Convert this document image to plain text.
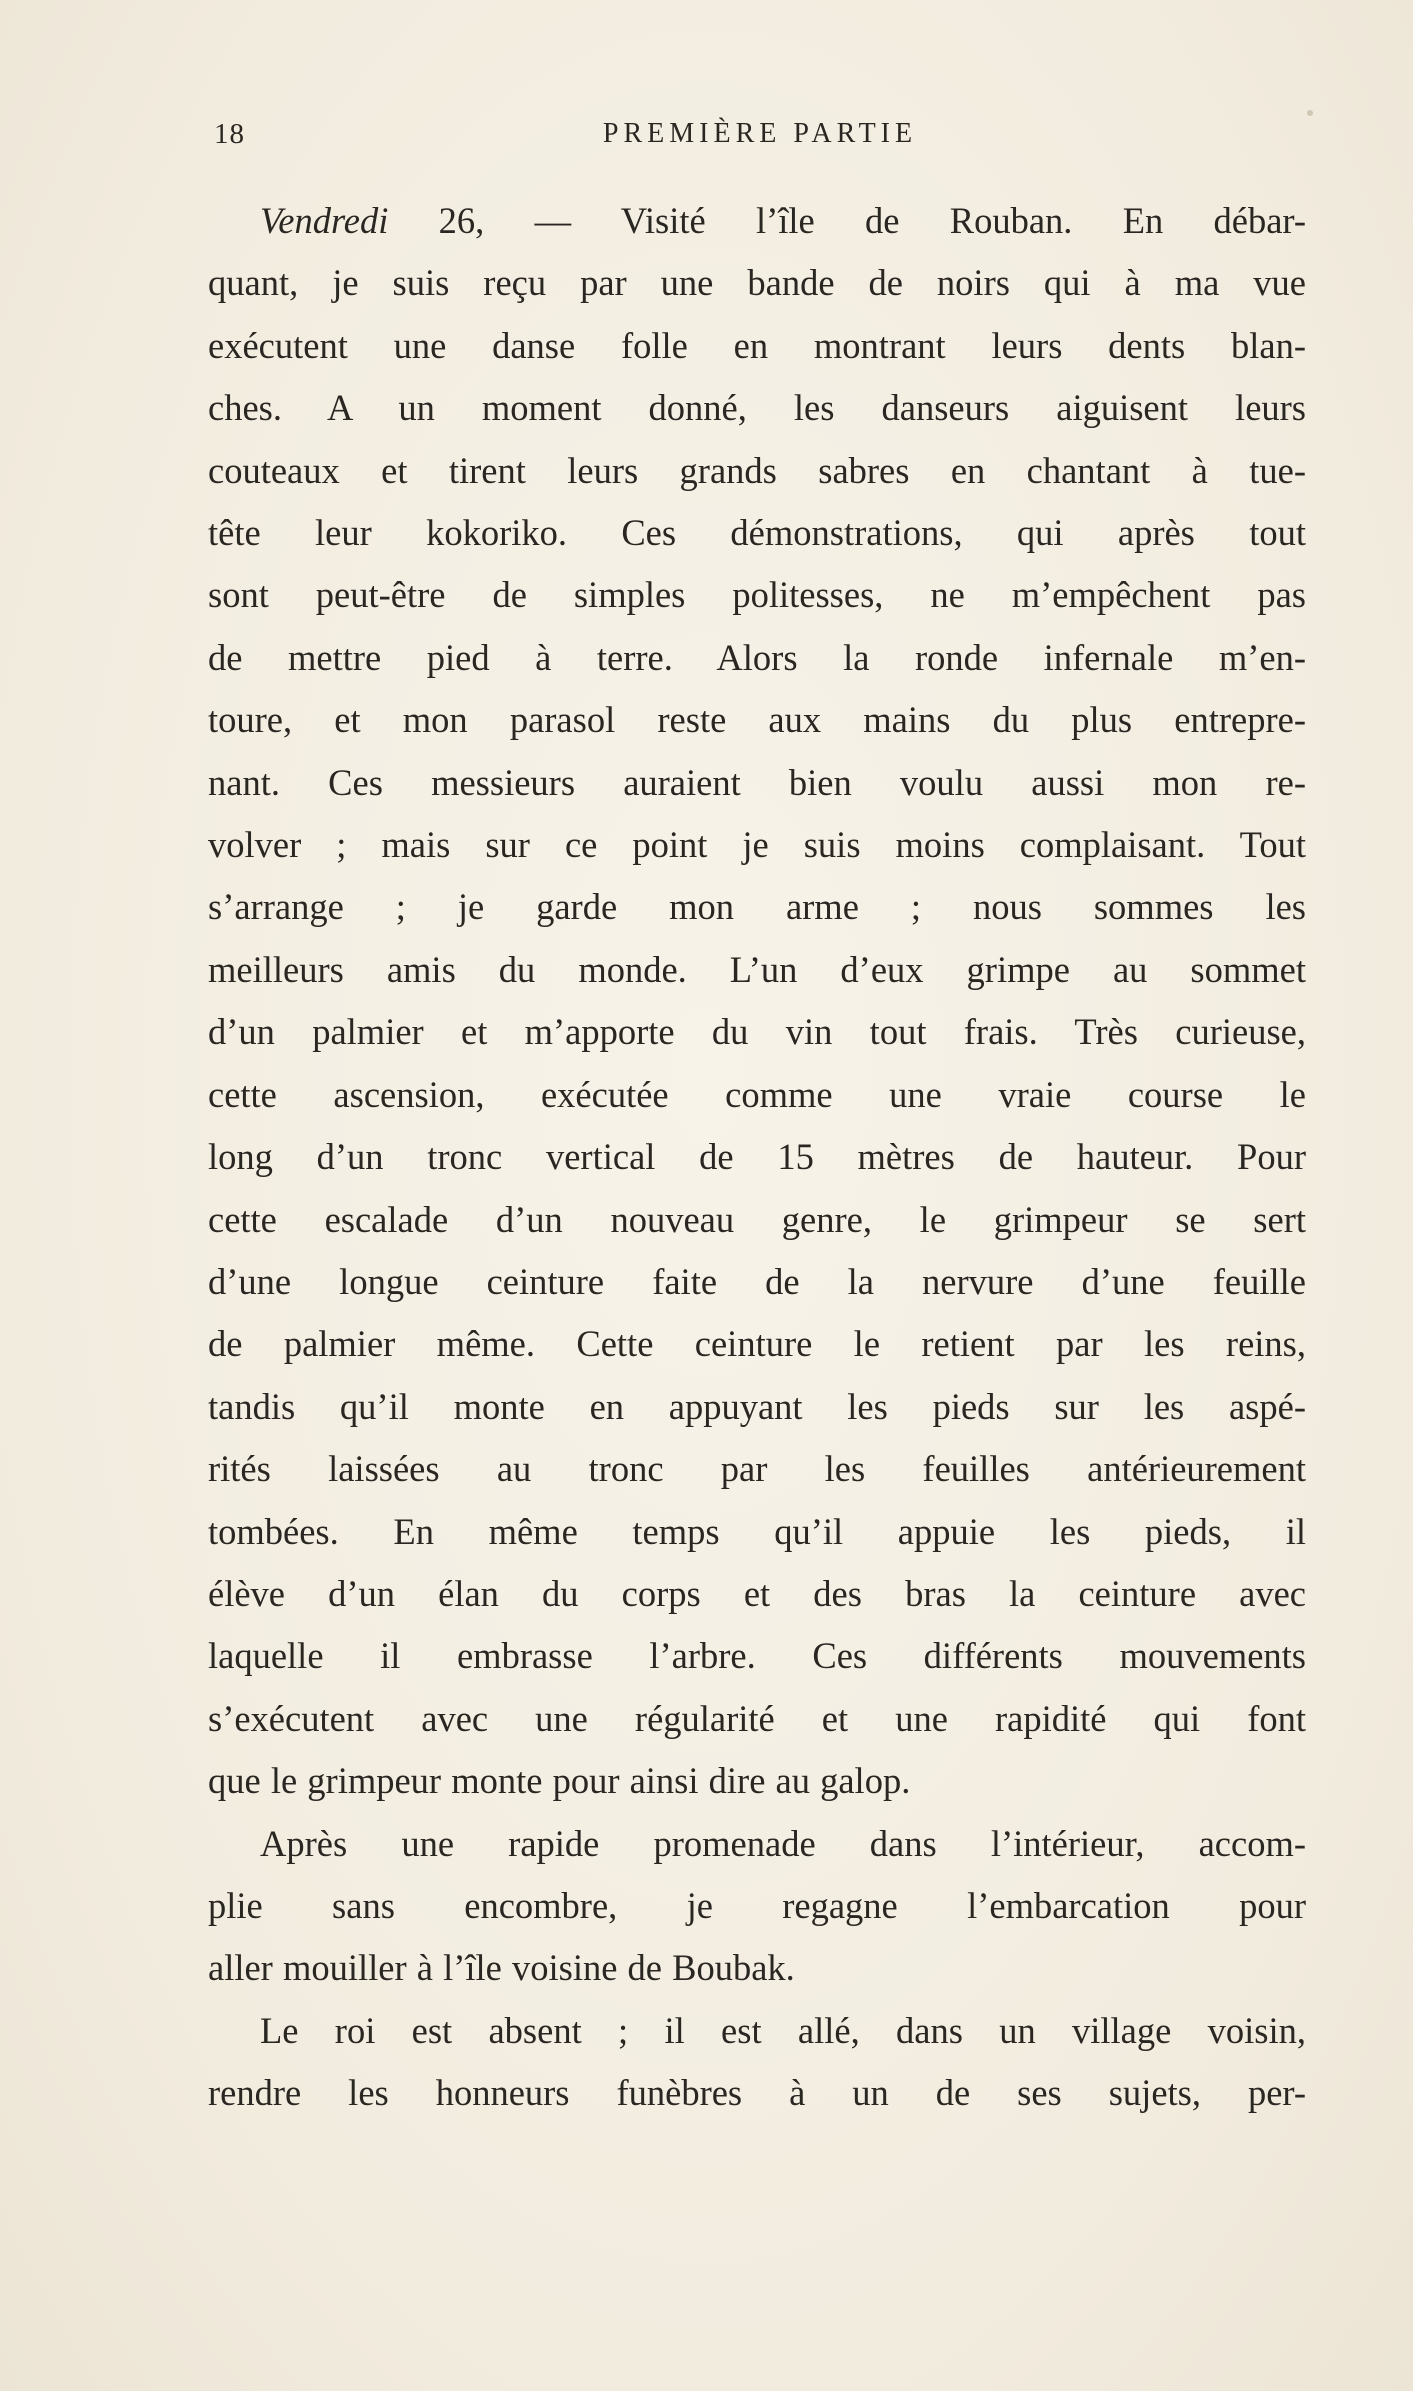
18	PREMIÈRE PARTIE

Vendredi 26, — Visité l’île de Rouban. En débar-
quant, je suis reçu par une bande de noirs qui à ma vue
exécutent une danse folle en montrant leurs dents blan-
ches. A un moment donné, les danseurs aiguisent leurs
couteaux et tirent leurs grands sabres en chantant à tue-
tête leur kokoriko. Ces démonstrations, qui après tout
sont peut-être de simples politesses, ne m’empêchent pas
de mettre pied à terre. Alors la ronde infernale m’en-
toure, et mon parasol reste aux mains du plus entrepre-
nant. Ces messieurs auraient bien voulu aussi mon re-
volver ; mais sur ce point je suis moins complaisant. Tout
s’arrange ; je garde mon arme ; nous sommes les
meilleurs amis du monde. L’un d’eux grimpe au sommet
d’un palmier et m’apporte du vin tout frais. Très curieuse,
cette ascension, exécutée comme une vraie course le
long d’un tronc vertical de 15 mètres de hauteur. Pour
cette escalade d’un nouveau genre, le grimpeur se sert
d’une longue ceinture faite de la nervure d’une feuille
de palmier même. Cette ceinture le retient par les reins,
tandis qu’il monte en appuyant les pieds sur les aspé-
rités laissées au tronc par les feuilles antérieurement
tombées. En même temps qu’il appuie les pieds, il
élève d’un élan du corps et des bras la ceinture avec
laquelle il embrasse l’arbre. Ces différents mouvements
s’exécutent avec une régularité et une rapidité qui font
que le grimpeur monte pour ainsi dire au galop.

Après une rapide promenade dans l’intérieur, accom-
plie sans encombre, je regagne l’embarcation pour
aller mouiller à l’île voisine de Boubak.

Le roi est absent ; il est allé, dans un village voisin,
rendre les honneurs funèbres à un de ses sujets, per-
